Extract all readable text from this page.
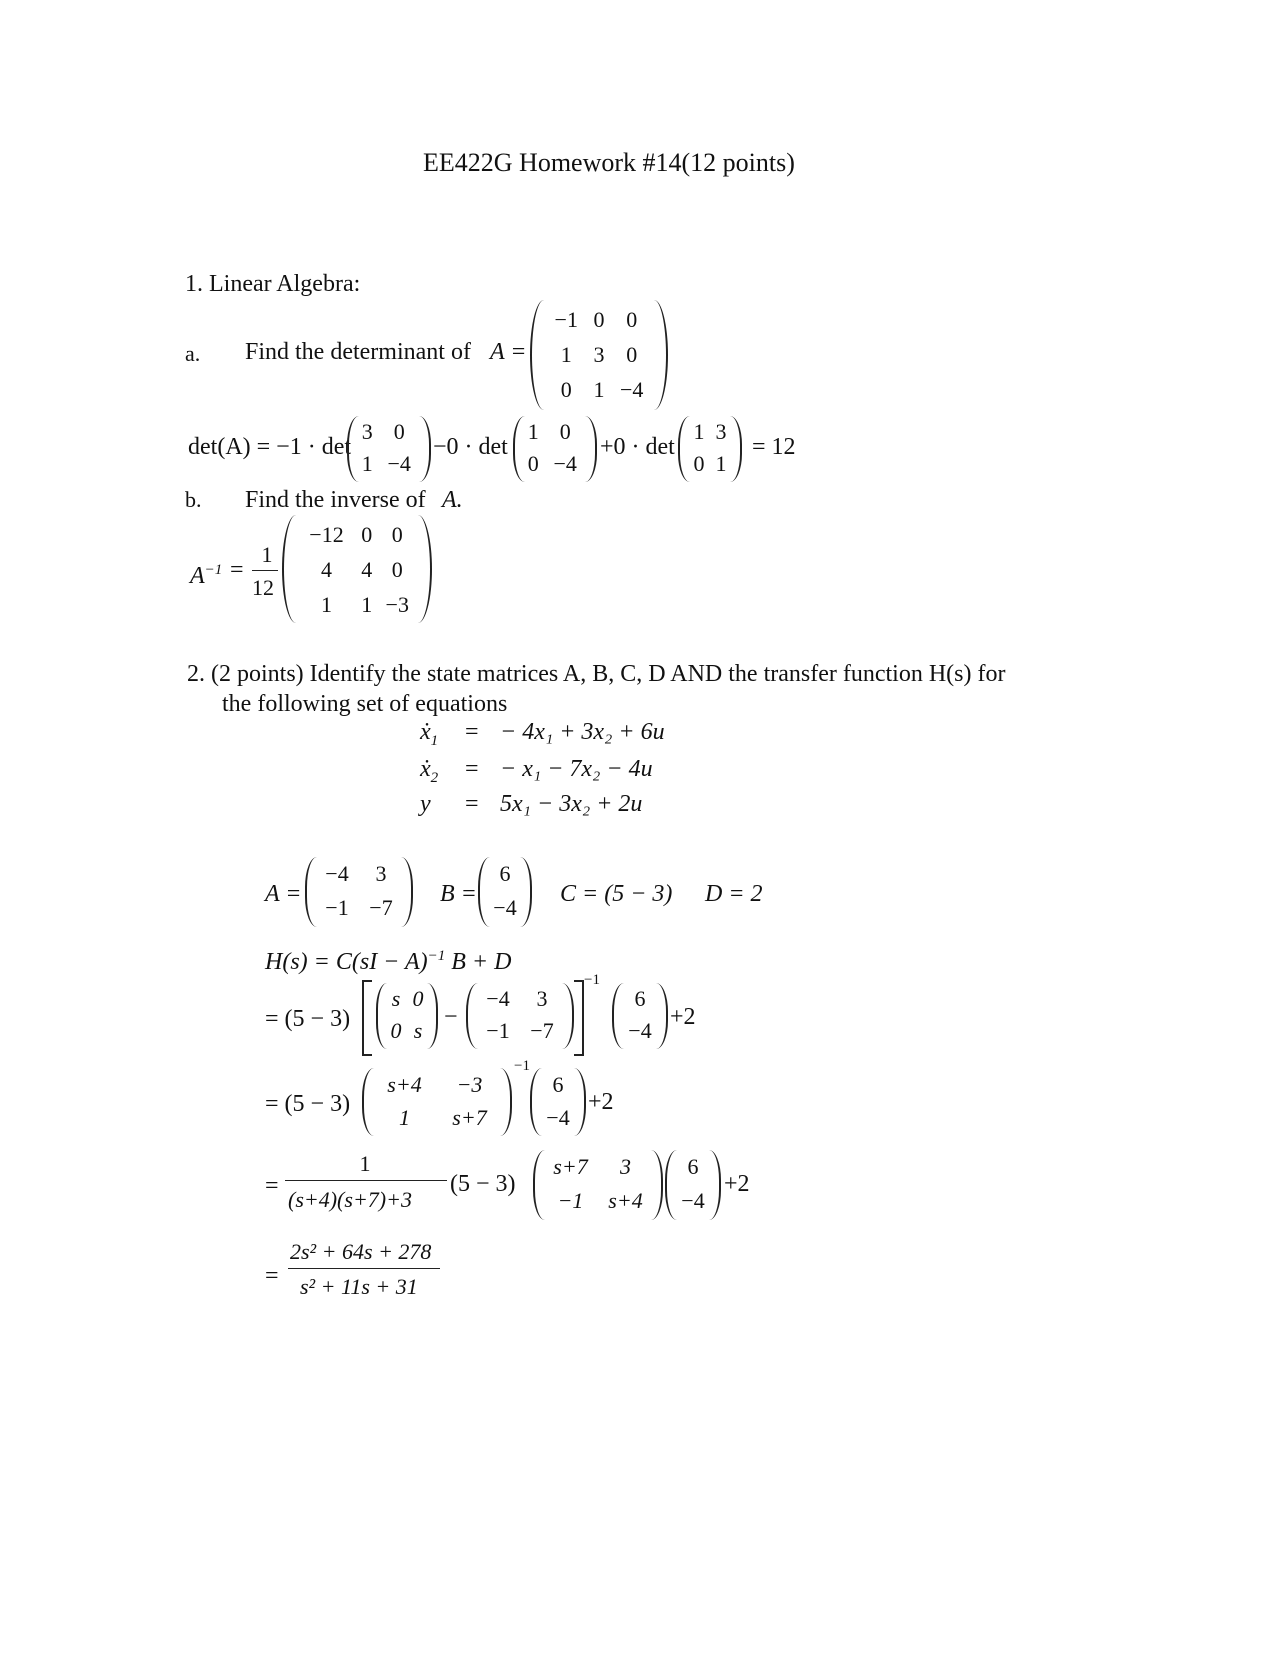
EE422G Homework #14(12 points)
1. Linear Algebra:
a. Find the determinant of A =
−1	0	0
1	3	0
0	1	−4
det(A) = −1 · det
3	0
1	−4
−0 · det
1	0
0	−4
+0 · det
1	3
0	1
= 12
b. Find the inverse of A.
$A^{-1}$ =
1
12
−12	0	0
4	4	0
1	1	−3
2. (2 points) Identify the state matrices A, B, C, D AND the transfer function H(s) for
the following set of equations
ẋ$_1$ = − 4x₁ + 3x₂ + 6u
ẋ$_2$ = − x₁ − 7x₂ − 4u
y = 5x₁ − 3x₂ + 2u
A =
−4	3
−1	−7
B =
6
−4
C = (5 − 3) D = 2
H(s) = C(sI − A)$^{-1}$ B + D
= (5 − 3)
s	0
0	s
−
−4	3
−1	−7
−1
6
−4
+2
= (5 − 3)
s+4	−3
1	s+7
−1
6
−4
+2
=
1
(s+4)(s+7)+3
(5 − 3)
s+7	3
−1	s+4
6
−4
+2
=
2s² + 64s + 278
s² + 11s + 31
